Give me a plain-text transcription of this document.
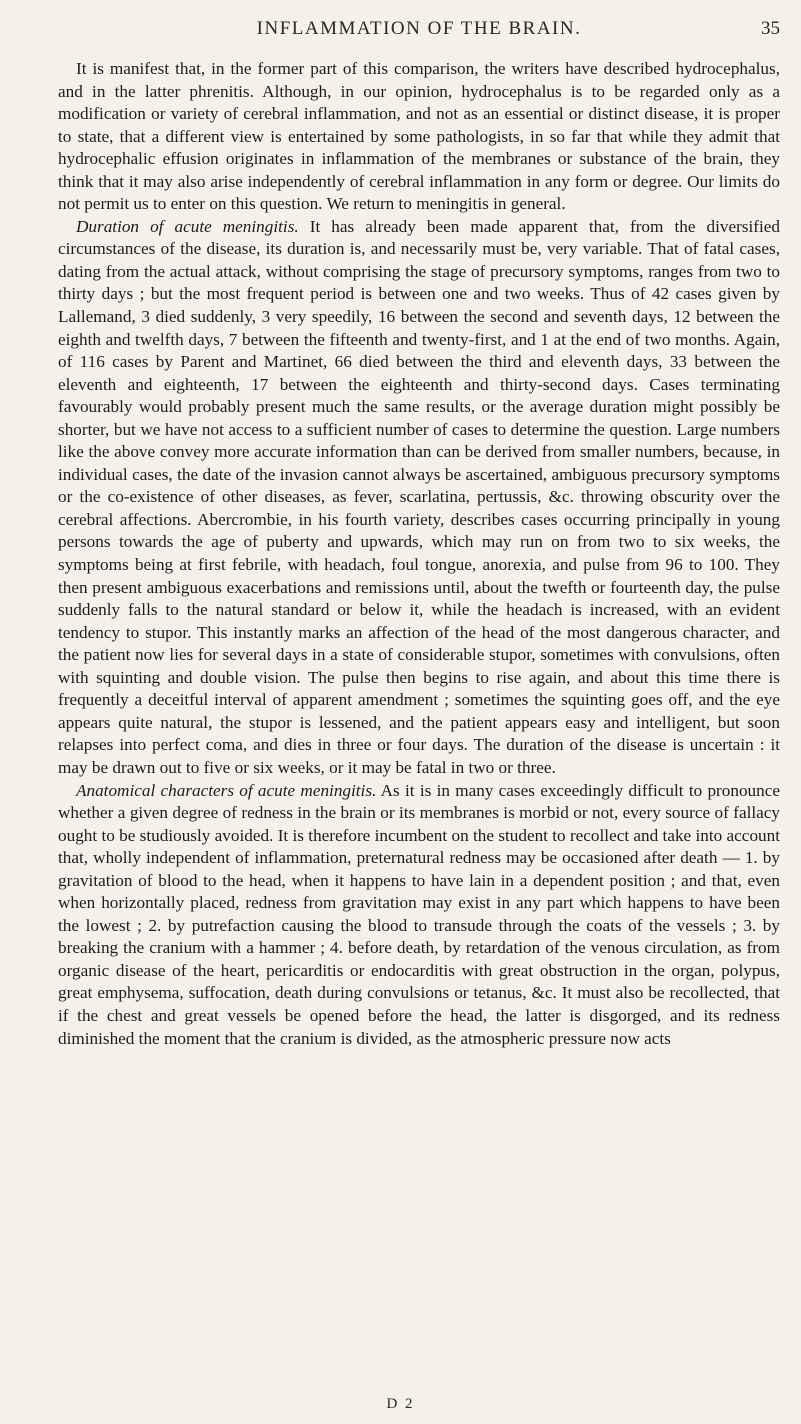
INFLAMMATION OF THE BRAIN.	35

It is manifest that, in the former part of this comparison, the writers have described hydrocephalus, and in the latter phrenitis. Although, in our opinion, hydrocephalus is to be regarded only as a modification or variety of cerebral inflammation, and not as an essential or distinct disease, it is proper to state, that a different view is entertained by some pathologists, in so far that while they admit that hydrocephalic effusion originates in inflammation of the membranes or substance of the brain, they think that it may also arise independently of cerebral inflammation in any form or degree. Our limits do not permit us to enter on this question. We return to meningitis in general.

Duration of acute meningitis. It has already been made apparent that, from the diversified circumstances of the disease, its duration is, and necessarily must be, very variable. That of fatal cases, dating from the actual attack, without comprising the stage of precursory symptoms, ranges from two to thirty days ; but the most frequent period is between one and two weeks. Thus of 42 cases given by Lallemand, 3 died suddenly, 3 very speedily, 16 between the second and seventh days, 12 between the eighth and twelfth days, 7 between the fifteenth and twenty-first, and 1 at the end of two months. Again, of 116 cases by Parent and Martinet, 66 died between the third and eleventh days, 33 between the eleventh and eighteenth, 17 between the eighteenth and thirty-second days. Cases terminating favourably would probably present much the same results, or the average duration might possibly be shorter, but we have not access to a sufficient number of cases to determine the question. Large numbers like the above convey more accurate information than can be derived from smaller numbers, because, in individual cases, the date of the invasion cannot always be ascertained, ambiguous precursory symptoms or the co-existence of other diseases, as fever, scarlatina, pertussis, &c. throwing obscurity over the cerebral affections. Abercrombie, in his fourth variety, describes cases occurring principally in young persons towards the age of puberty and upwards, which may run on from two to six weeks, the symptoms being at first febrile, with headach, foul tongue, anorexia, and pulse from 96 to 100. They then present ambiguous exacerbations and remissions until, about the twefth or fourteenth day, the pulse suddenly falls to the natural standard or below it, while the headach is increased, with an evident tendency to stupor. This instantly marks an affection of the head of the most dangerous character, and the patient now lies for several days in a state of considerable stupor, sometimes with convulsions, often with squinting and double vision. The pulse then begins to rise again, and about this time there is frequently a deceitful interval of apparent amendment ; sometimes the squinting goes off, and the eye appears quite natural, the stupor is lessened, and the patient appears easy and intelligent, but soon relapses into perfect coma, and dies in three or four days. The duration of the disease is uncertain : it may be drawn out to five or six weeks, or it may be fatal in two or three.

Anatomical characters of acute meningitis. As it is in many cases exceedingly difficult to pronounce whether a given degree of redness in the brain or its membranes is morbid or not, every source of fallacy ought to be studiously avoided. It is therefore incumbent on the student to recollect and take into account that, wholly independent of inflammation, preternatural redness may be occasioned after death — 1. by gravitation of blood to the head, when it happens to have lain in a dependent position ; and that, even when horizontally placed, redness from gravitation may exist in any part which happens to have been the lowest ; 2. by putrefaction causing the blood to transude through the coats of the vessels ; 3. by breaking the cranium with a hammer ; 4. before death, by retardation of the venous circulation, as from organic disease of the heart, pericarditis or endocarditis with great obstruction in the organ, polypus, great emphysema, suffocation, death during convulsions or tetanus, &c. It must also be recollected, that if the chest and great vessels be opened before the head, the latter is disgorged, and its redness diminished the moment that the cranium is divided, as the atmospheric pressure now acts

D 2
